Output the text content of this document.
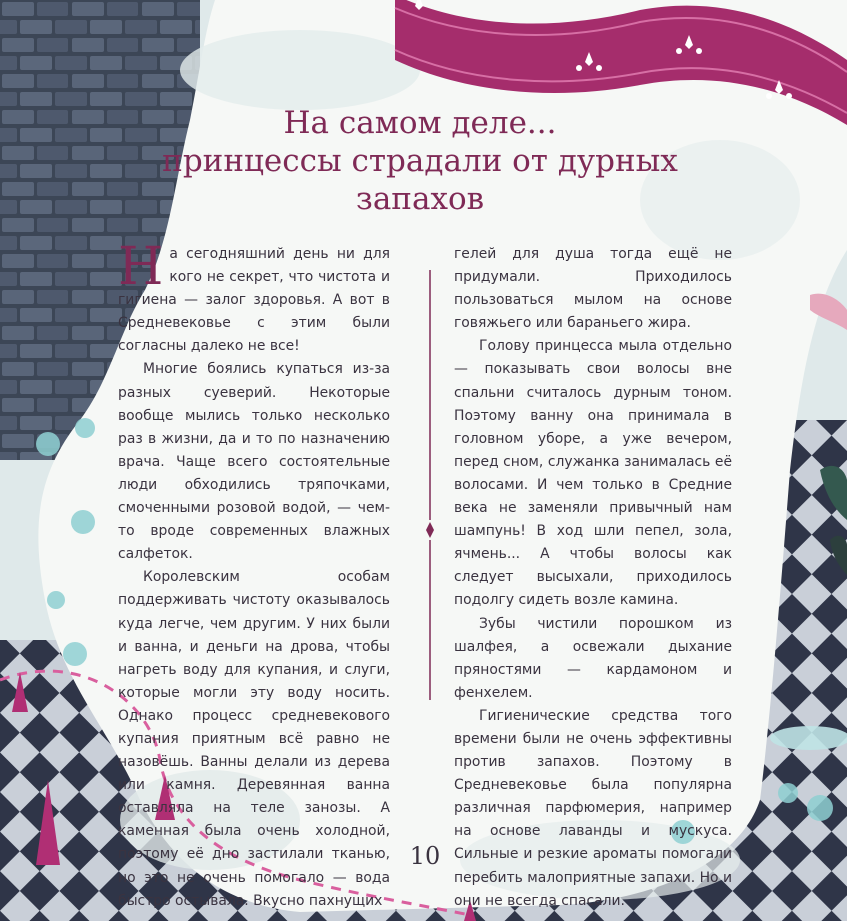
На самом деле...
принцессы страдали от дурных
запахов

На сегодняшний день ни для кого не секрет, что чистота и гигиена — залог здоровья. А вот в Средневековье с этим были согласны далеко не все!

Многие боялись купаться из-за разных суеверий. Некоторые вообще мылись только несколько раз в жизни, да и то по назначению врача. Чаще всего состоятельные люди обходились тряпочками, смоченными розовой водой, — чем-то вроде современных влажных салфеток.

Королевским особам поддерживать чистоту оказывалось куда легче, чем другим. У них были и ванна, и деньги на дрова, чтобы нагреть воду для купания, и слуги, которые могли эту воду носить. Однако процесс средневекового купания приятным всё равно не назовёшь. Ванны делали из дерева или камня. Деревянная ванна оставляла на теле занозы. А каменная была очень холодной, поэтому её дно застилали тканью, но это не очень помогало — вода быстро остывала. Вкусно пахнущих

гелей для душа тогда ещё не придумали. Приходилось пользоваться мылом на основе говяжьего или бараньего жира.

Голову принцесса мыла отдельно — показывать свои волосы вне спальни считалось дурным тоном. Поэтому ванну она принимала в головном уборе, а уже вечером, перед сном, служанка занималась её волосами. И чем только в Средние века не заменяли привычный нам шампунь! В ход шли пепел, зола, ячмень... А чтобы волосы как следует высыхали, приходилось подолгу сидеть возле камина.

Зубы чистили порошком из шалфея, а освежали дыхание пряностями — кардамоном и фенхелем.

Гигиенические средства того времени были не очень эффективны против запахов. Поэтому в Средневековье была популярна различная парфюмерия, например на основе лаванды и мускуса. Сильные и резкие ароматы помогали перебить малоприятные запахи. Но и они не всегда спасали.

10
